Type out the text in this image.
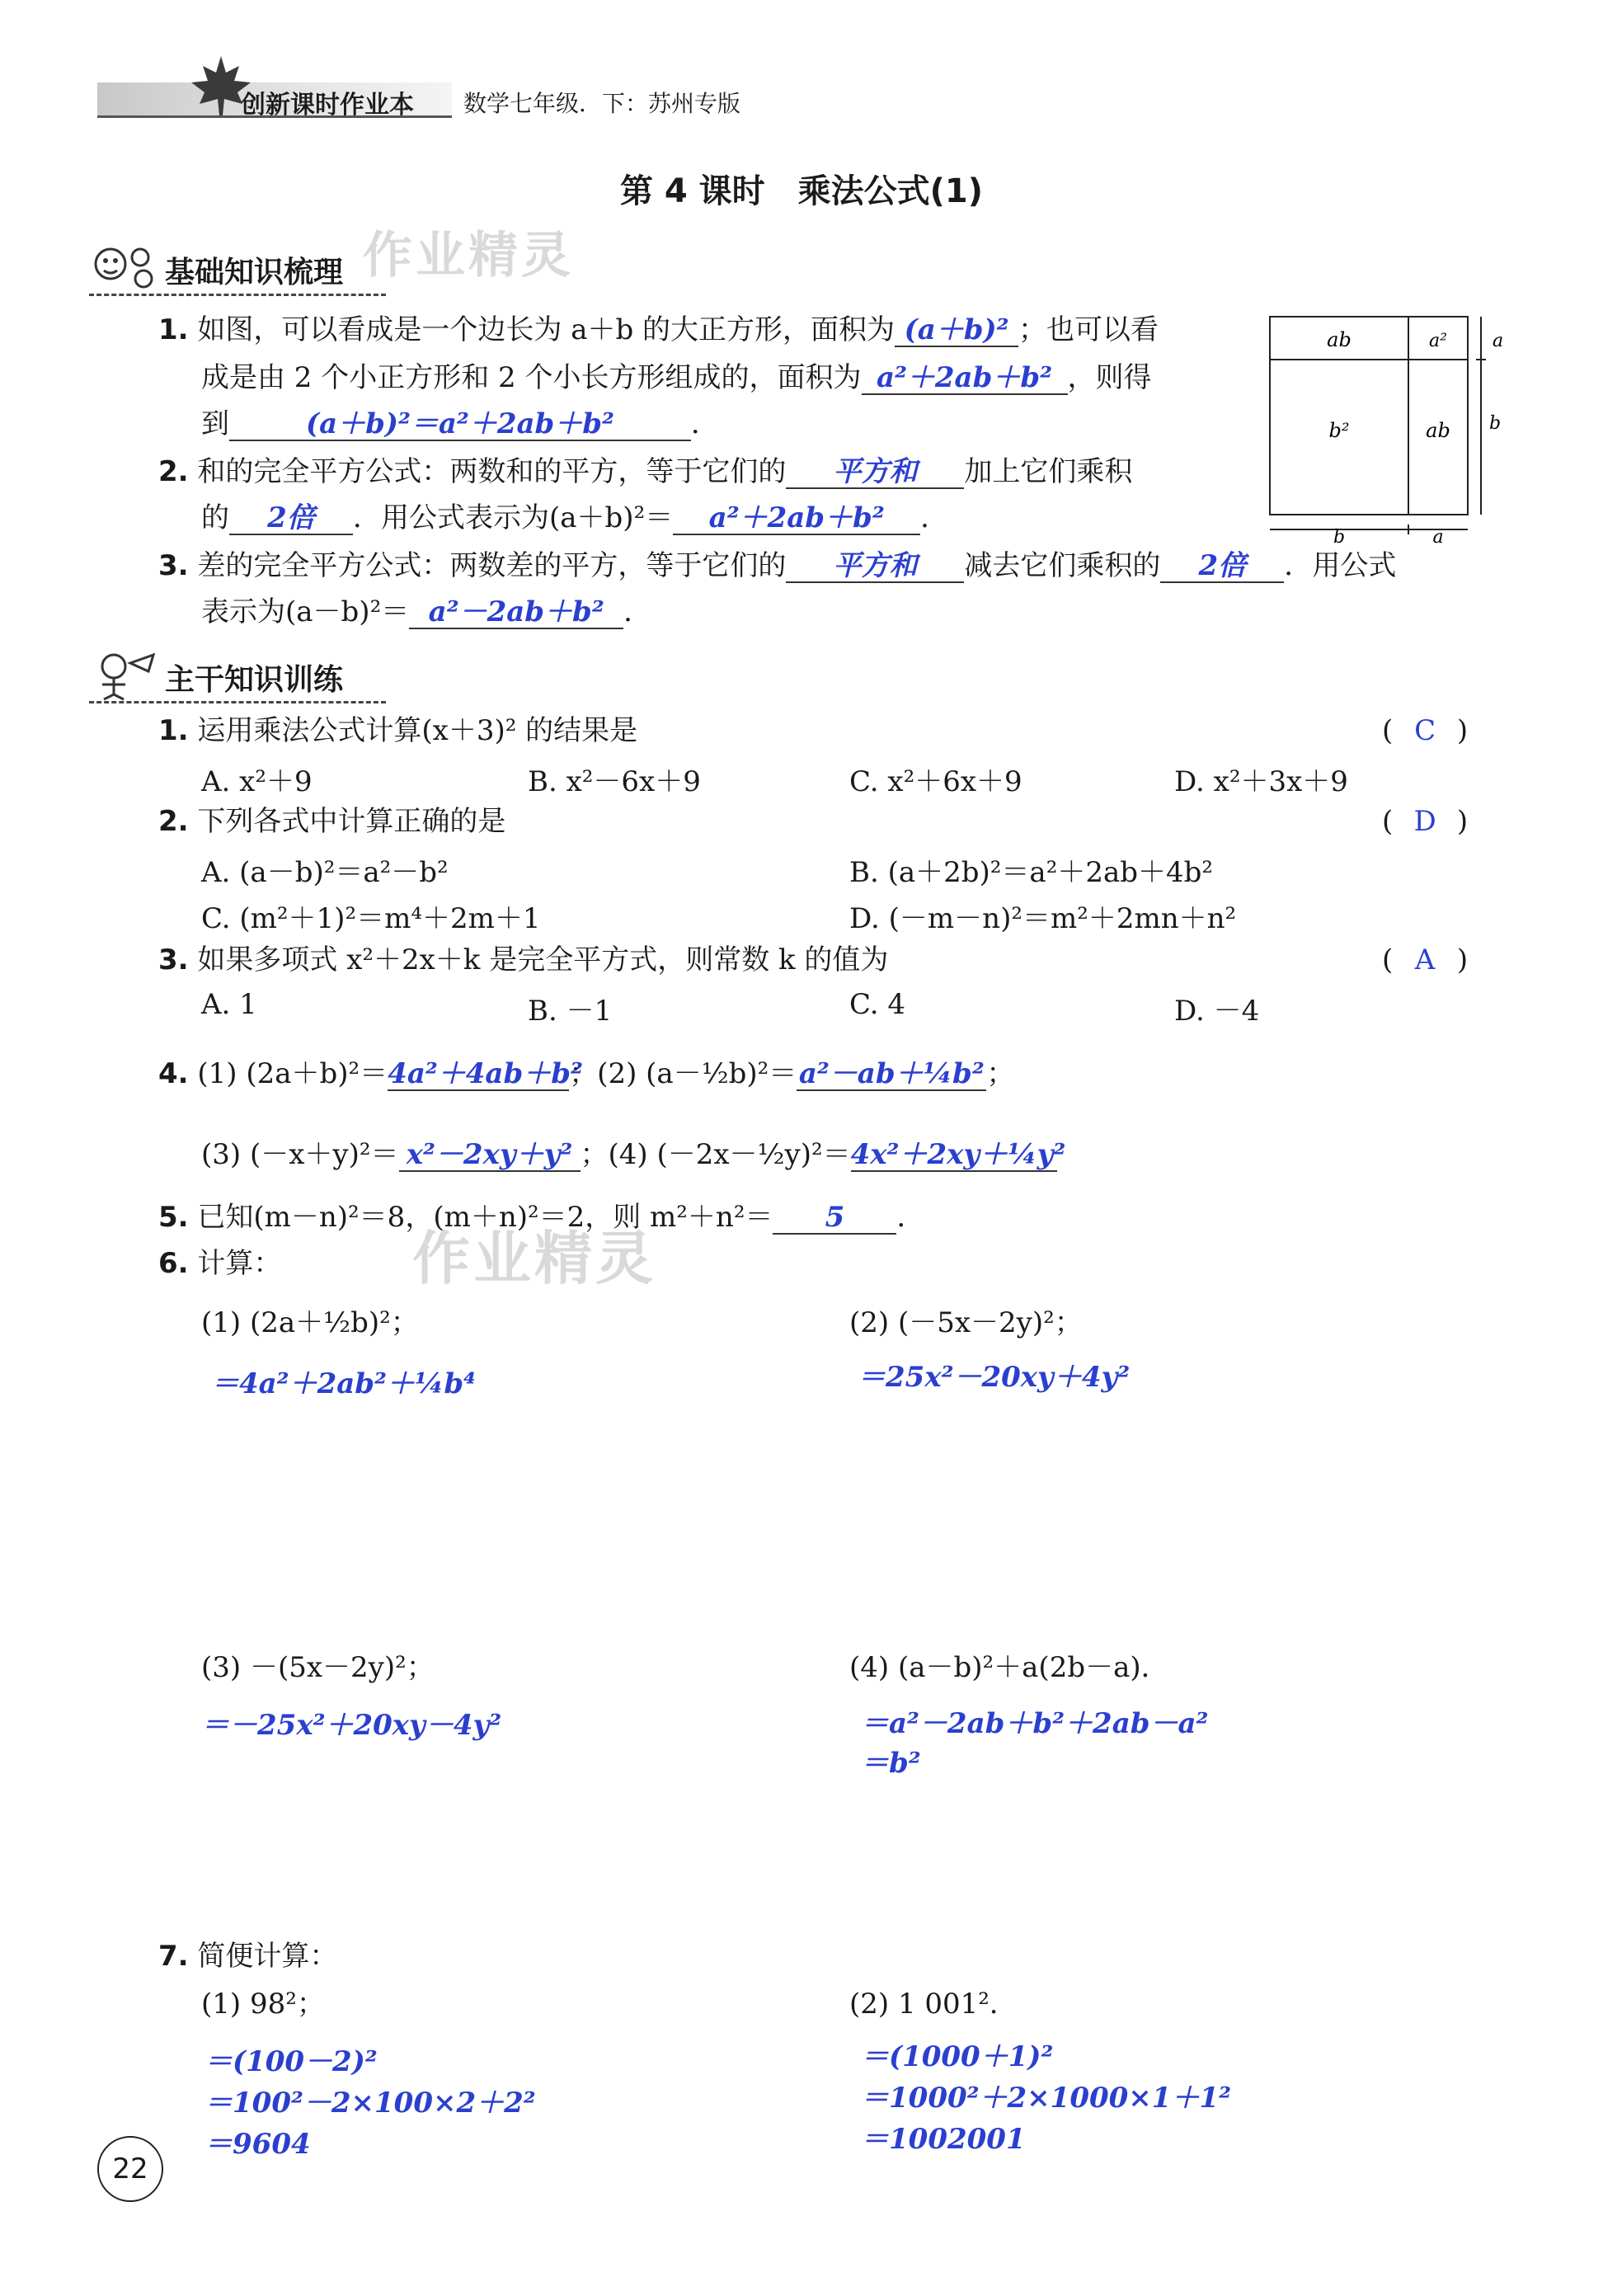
创新课时作业本 数学七年级．下：苏州专版
第 4 课时　乘法公式(1)
作业精灵
作业精灵
基础知识梳理
1. 如图，可以看成是一个边长为 a＋b 的大正方形，面积为 (a＋b)² ；也可以看
成是由 2 个小正方形和 2 个小长方形组成的，面积为 a²＋2ab＋b² ，则得
到	(a＋b)²＝a²＋2ab＋b²	．
2. 和的完全平方公式：两数和的平方，等于它们的 平方和 加上它们乘积
的 2倍 ．用公式表示为(a＋b)²＝ a²＋2ab＋b² ．
3. 差的完全平方公式：两数差的平方，等于它们的 平方和 减去它们乘积的 2倍 ．用公式
表示为(a－b)²＝ a²－2ab＋b² ．
ab	a²
b²	ab
a
b
b	a
主干知识训练
1. 运用乘法公式计算(x＋3)² 的结果是	( C )
A. x²＋9	B. x²－6x＋9	C. x²＋6x＋9	D. x²＋3x＋9
2. 下列各式中计算正确的是	( D )
A. (a－b)²＝a²－b²	B. (a＋2b)²＝a²＋2ab＋4b²
C. (m²＋1)²＝m⁴＋2m＋1	D. (－m－n)²＝m²＋2mn＋n²
3. 如果多项式 x²＋2x＋k 是完全平方式，则常数 k 的值为	( A )
A. 1	B. －1	C. 4	D. －4
4. (1) (2a＋b)²＝4a²＋4ab＋b²；(2) (a－½b)²＝a²－ab＋¼b²；
(3) (－x＋y)²＝ x²－2xy＋y² ；(4) (－2x－½y)²＝4x²＋2xy＋¼y²
5. 已知(m－n)²＝8，(m＋n)²＝2，则 m²＋n²＝ 5 ．
6. 计算：
(1) (2a＋½b)²；
＝4a²＋2ab²＋¼b⁴
(2) (－5x－2y)²；
＝25x²－20xy＋4y²
(3) －(5x－2y)²；
＝－25x²＋20xy－4y²
(4) (a－b)²＋a(2b－a)．
＝a²－2ab＋b²＋2ab－a²
＝b²
7. 简便计算：
(1) 98²；
＝(100－2)²
＝100²－2×100×2＋2²
＝9604
(2) 1 001²．
＝(1000＋1)²
＝1000²＋2×1000×1＋1²
＝1002001
22
